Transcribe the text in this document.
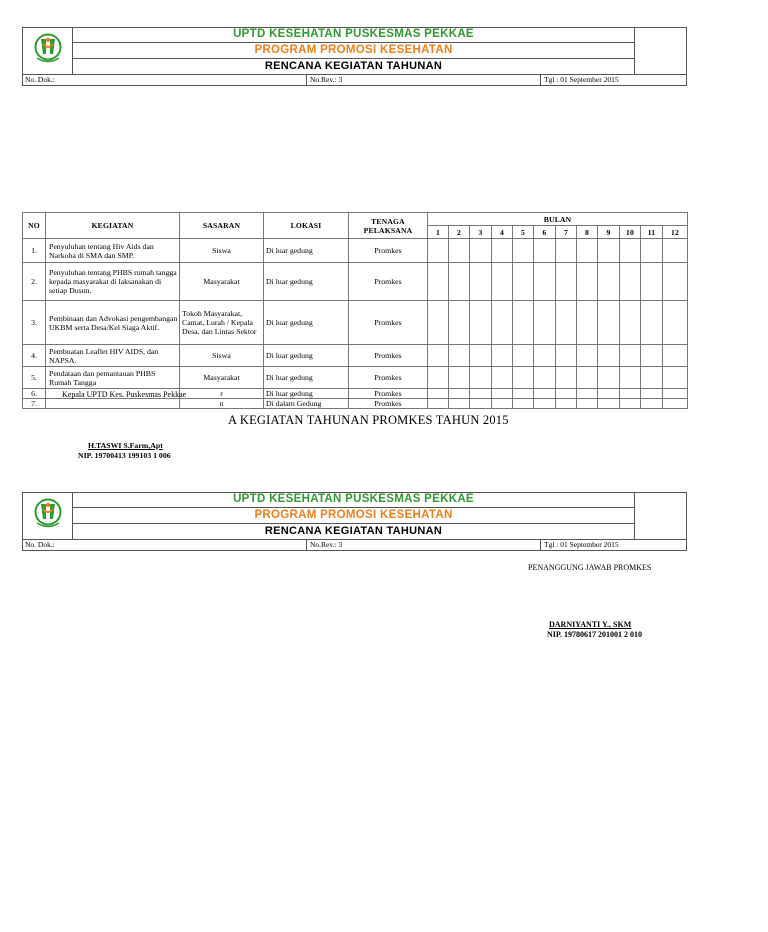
UPTD KESEHATAN PUSKESMAS PEKKAE
PROGRAM PROMOSI KESEHATAN
RENCANA KEGIATAN TAHUNAN
No. Dok.:	No.Rev.: 3	Tgl : 01 September 2015
NO	KEGIATAN	SASARAN	LOKASI	TENAGA PELAKSANA	BULAN											
					1	2	3	4	5	6	7	8	9	10	11	12
1.	Penyuluhan tentang Hiv Aids dan Narkoba di SMA dan SMP.	Siswa	Di luar gedung	Promkes												
2.	Penyuluhan tentang PHBS rumah tangga kepada masyarakat di laksanakan di setiap Dusun.	Masyarakat	Di luar gedung	Promkes												
3.	Pembinaan dan Advokasi pengembangan UKBM serta Desa/Kel Siaga Aktif.	Tokoh Masyarakat, Camat, Lurah / Kepala Desa, dan Lintas Sektor	Di luar gedung	Promkes												
4.	Pembuatan Leaflet HIV AIDS, dan NAPSA.	Siswa	Di luar gedung	Promkes												
5.	Pendataan dan pemantauan PHBS Rumah Tangga	Masyarakat	Di luar gedung	Promkes												
6.		r	Di luar gedung	Promkes												
7.		n	Di dalam Gedung	Promkes												
Kepala UPTD Kes. Puskesmas Pekkae
A KEGIATAN TAHUNAN PROMKES TAHUN 2015
H.TASWI S.Farm,Apt
NIP. 19700413 199103 1 006
UPTD KESEHATAN PUSKESMAS PEKKAE
PROGRAM PROMOSI KESEHATAN
RENCANA KEGIATAN TAHUNAN
No. Dok.:	No.Rev.: 3	Tgl : 01 September 2015
PENANGGUNG JAWAB PROMKES
DARNIYANTI Y., SKM
NIP. 19780617 201001 2 010
